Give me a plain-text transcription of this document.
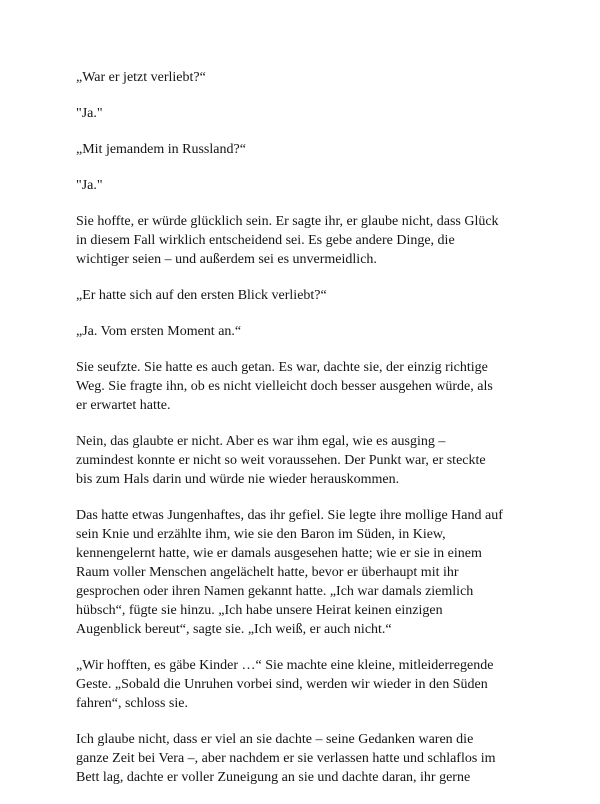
„War er jetzt verliebt?“

"Ja."

„Mit jemandem in Russland?“

"Ja."

Sie hoffte, er würde glücklich sein. Er sagte ihr, er glaube nicht, dass Glück
in diesem Fall wirklich entscheidend sei. Es gebe andere Dinge, die
wichtiger seien – und außerdem sei es unvermeidlich.

„Er hatte sich auf den ersten Blick verliebt?“

„Ja. Vom ersten Moment an.“

Sie seufzte. Sie hatte es auch getan. Es war, dachte sie, der einzig richtige
Weg. Sie fragte ihn, ob es nicht vielleicht doch besser ausgehen würde, als
er erwartet hatte.

Nein, das glaubte er nicht. Aber es war ihm egal, wie es ausging –
zumindest konnte er nicht so weit voraussehen. Der Punkt war, er steckte
bis zum Hals darin und würde nie wieder herauskommen.

Das hatte etwas Jungenhaftes, das ihr gefiel. Sie legte ihre mollige Hand auf
sein Knie und erzählte ihm, wie sie den Baron im Süden, in Kiew,
kennengelernt hatte, wie er damals ausgesehen hatte; wie er sie in einem
Raum voller Menschen angelächelt hatte, bevor er überhaupt mit ihr
gesprochen oder ihren Namen gekannt hatte. „Ich war damals ziemlich
hübsch“, fügte sie hinzu. „Ich habe unsere Heirat keinen einzigen
Augenblick bereut“, sagte sie. „Ich weiß, er auch nicht.“

„Wir hofften, es gäbe Kinder …“ Sie machte eine kleine, mitleiderregende
Geste. „Sobald die Unruhen vorbei sind, werden wir wieder in den Süden
fahren“, schloss sie.

Ich glaube nicht, dass er viel an sie dachte – seine Gedanken waren die
ganze Zeit bei Vera –, aber nachdem er sie verlassen hatte und schlaflos im
Bett lag, dachte er voller Zuneigung an sie und dachte daran, ihr gerne
